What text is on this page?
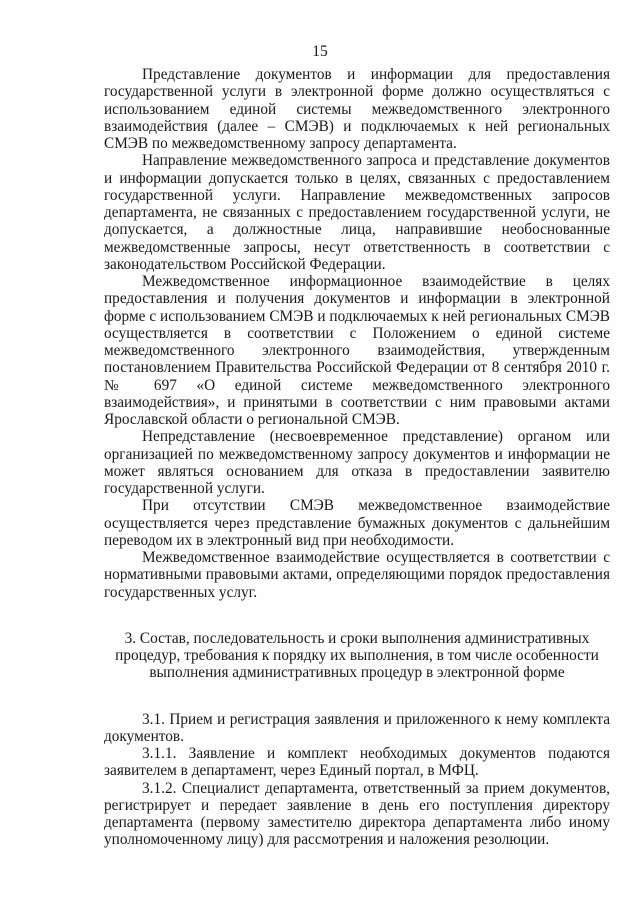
15

Представление документов и информации для предоставления государственной услуги в электронной форме должно осуществляться с использованием единой системы межведомственного электронного взаимодействия (далее – СМЭВ) и подключаемых к ней региональных СМЭВ по межведомственному запросу департамента.

Направление межведомственного запроса и представление документов и информации допускается только в целях, связанных с предоставлением государственной услуги. Направление межведомственных запросов департамента, не связанных с предоставлением государственной услуги, не допускается, а должностные лица, направившие необоснованные межведомственные запросы, несут ответственность в соответствии с законодательством Российской Федерации.

Межведомственное информационное взаимодействие в целях предоставления и получения документов и информации в электронной форме с использованием СМЭВ и подключаемых к ней региональных СМЭВ осуществляется в соответствии с Положением о единой системе межведомственного электронного взаимодействия, утвержденным постановлением Правительства Российской Федерации от 8 сентября 2010 г. № 697 «О единой системе межведомственного электронного взаимодействия», и принятыми в соответствии с ним правовыми актами Ярославской области о региональной СМЭВ.

Непредставление (несвоевременное представление) органом или организацией по межведомственному запросу документов и информации не может являться основанием для отказа в предоставлении заявителю государственной услуги.

При отсутствии СМЭВ межведомственное взаимодействие осуществляется через представление бумажных документов с дальнейшим переводом их в электронный вид при необходимости.

Межведомственное взаимодействие осуществляется в соответствии с нормативными правовыми актами, определяющими порядок предоставления государственных услуг.

3. Состав, последовательность и сроки выполнения административных
процедур, требования к порядку их выполнения, в том числе особенности
выполнения административных процедур в электронной форме

3.1. Прием и регистрация заявления и приложенного к нему комплекта документов.

3.1.1. Заявление и комплект необходимых документов подаются заявителем в департамент, через Единый портал, в МФЦ.

3.1.2. Специалист департамента, ответственный за прием документов, регистрирует и передает заявление в день его поступления директору департамента (первому заместителю директора департамента либо иному уполномоченному лицу) для рассмотрения и наложения резолюции.
